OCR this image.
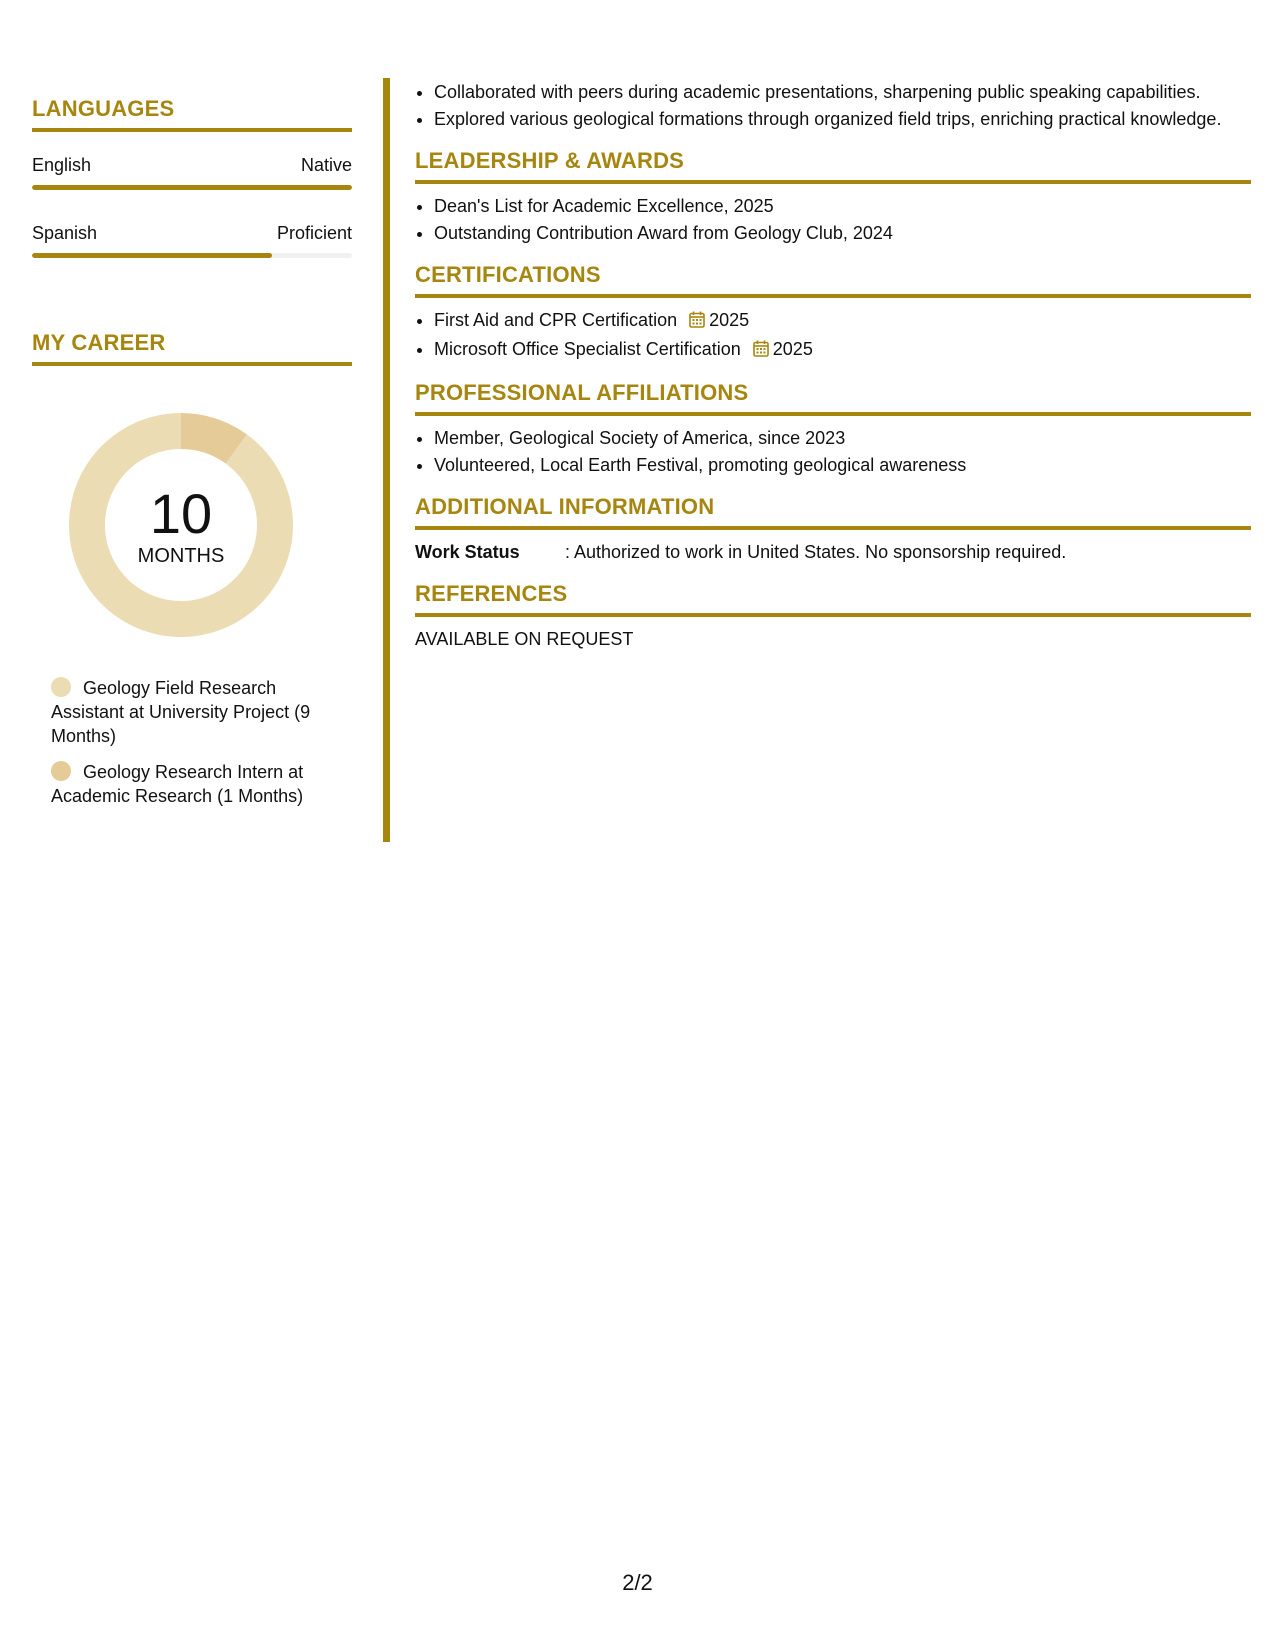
LANGUAGES
English	Native
Spanish	Proficient
MY CAREER
10
MONTHS
Geology Field Research Assistant at University Project (9 Months)
Geology Research Intern at Academic Research (1 Months)
• Collaborated with peers during academic presentations, sharpening public speaking capabilities.
• Explored various geological formations through organized field trips, enriching practical knowledge.
LEADERSHIP & AWARDS
• Dean's List for Academic Excellence, 2025
• Outstanding Contribution Award from Geology Club, 2024
CERTIFICATIONS
• First Aid and CPR Certification 2025
• Microsoft Office Specialist Certification 2025
PROFESSIONAL AFFILIATIONS
• Member, Geological Society of America, since 2023
• Volunteered, Local Earth Festival, promoting geological awareness
ADDITIONAL INFORMATION
Work Status	: Authorized to work in United States. No sponsorship required.
REFERENCES
AVAILABLE ON REQUEST
2/2
